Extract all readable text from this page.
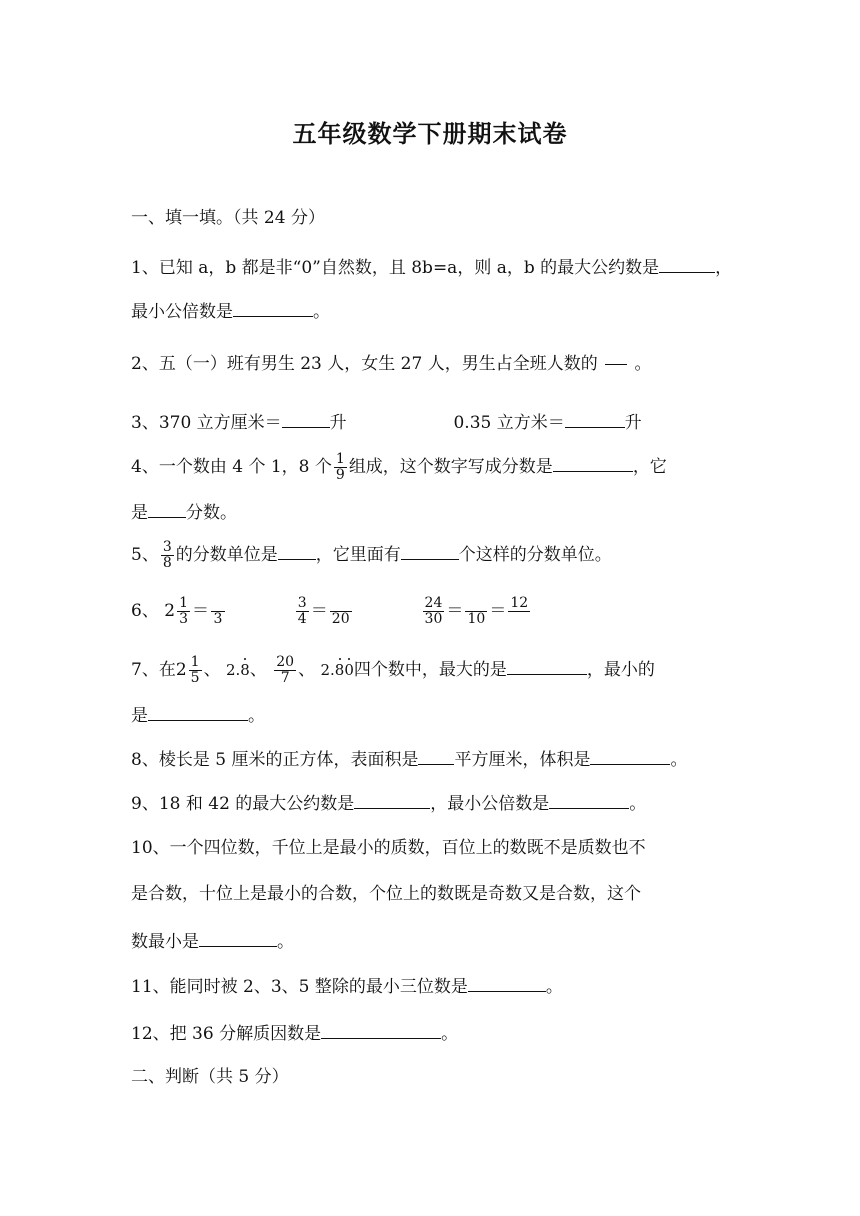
五年级数学下册期末试卷
一、填一填。（共 24 分）
1、已知 a，b 都是非“0”自然数，且 8b=a，则 a，b 的最大公约数是	，
最小公倍数是	。
2、五（一）班有男生 23 人，女生 27 人，男生占全班人数的 。
3、370 立方厘米＝	升	0.35 立方米＝	升
4、一个数由 4 个 1，8 个 $\frac{1}{9}$ 组成，这个数字写成分数是	，它
是 分数。
5、 $\frac{3}{8}$ 的分数单位是 ，它里面有	个这样的分数单位。
6、 $2 \frac{1}{3} = 3$
	$\frac{3}{4} = 20$
	$\frac{24}{30} = 10 = 12$
7、在$2 \frac{1}{5}$ 、 2.8、 $\frac{20}{7}$ 、 2.80四个数中，最大的是	，最小的
是	。
8、棱长是 5 厘米的正方体，表面积是 平方厘米，体积是	。
9、18 和 42 的最大公约数是	，最小公倍数是	。
10、一个四位数，千位上是最小的质数，百位上的数既不是质数也不
是合数，十位上是最小的合数，个位上的数既是奇数又是合数，这个
数最小是	。
11、能同时被 2、3、5 整除的最小三位数是	。
12、把 36 分解质因数是	。
二、判断（共 5 分）
